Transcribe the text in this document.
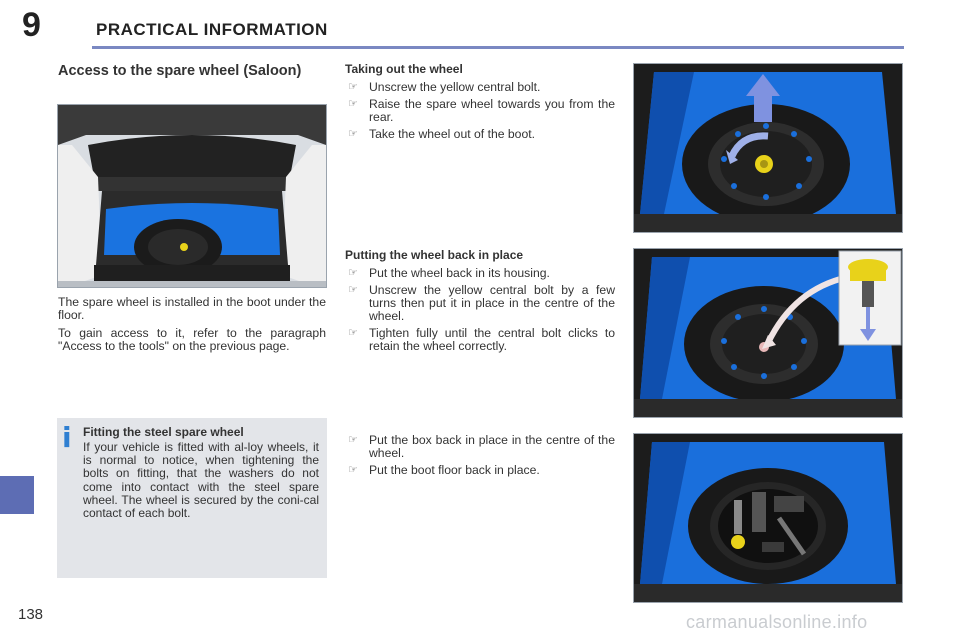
9	PRACTICAL INFORMATION
138
Access to the spare wheel (Saloon)

The spare wheel is installed in the boot under the floor.

To gain access to it, refer to the paragraph "Access to the tools" on the previous page.

i Fitting the steel spare wheel
If your vehicle is fitted with al-loy wheels, it is normal to notice, when tightening the bolts on fitting, that the washers do not come into contact with the steel spare wheel. The wheel is secured by the coni-cal contact of each bolt.
Taking out the wheel
☞ Unscrew the yellow central bolt.
☞ Raise the spare wheel towards you from the rear.
☞ Take the wheel out of the boot.
Putting the wheel back in place
☞ Put the wheel back in its housing.
☞ Unscrew the yellow central bolt by a few turns then put it in place in the centre of the wheel.
☞ Tighten fully until the central bolt clicks to retain the wheel correctly.
☞ Put the box back in place in the centre of the wheel.
☞ Put the boot floor back in place.
carmanualsonline.info
